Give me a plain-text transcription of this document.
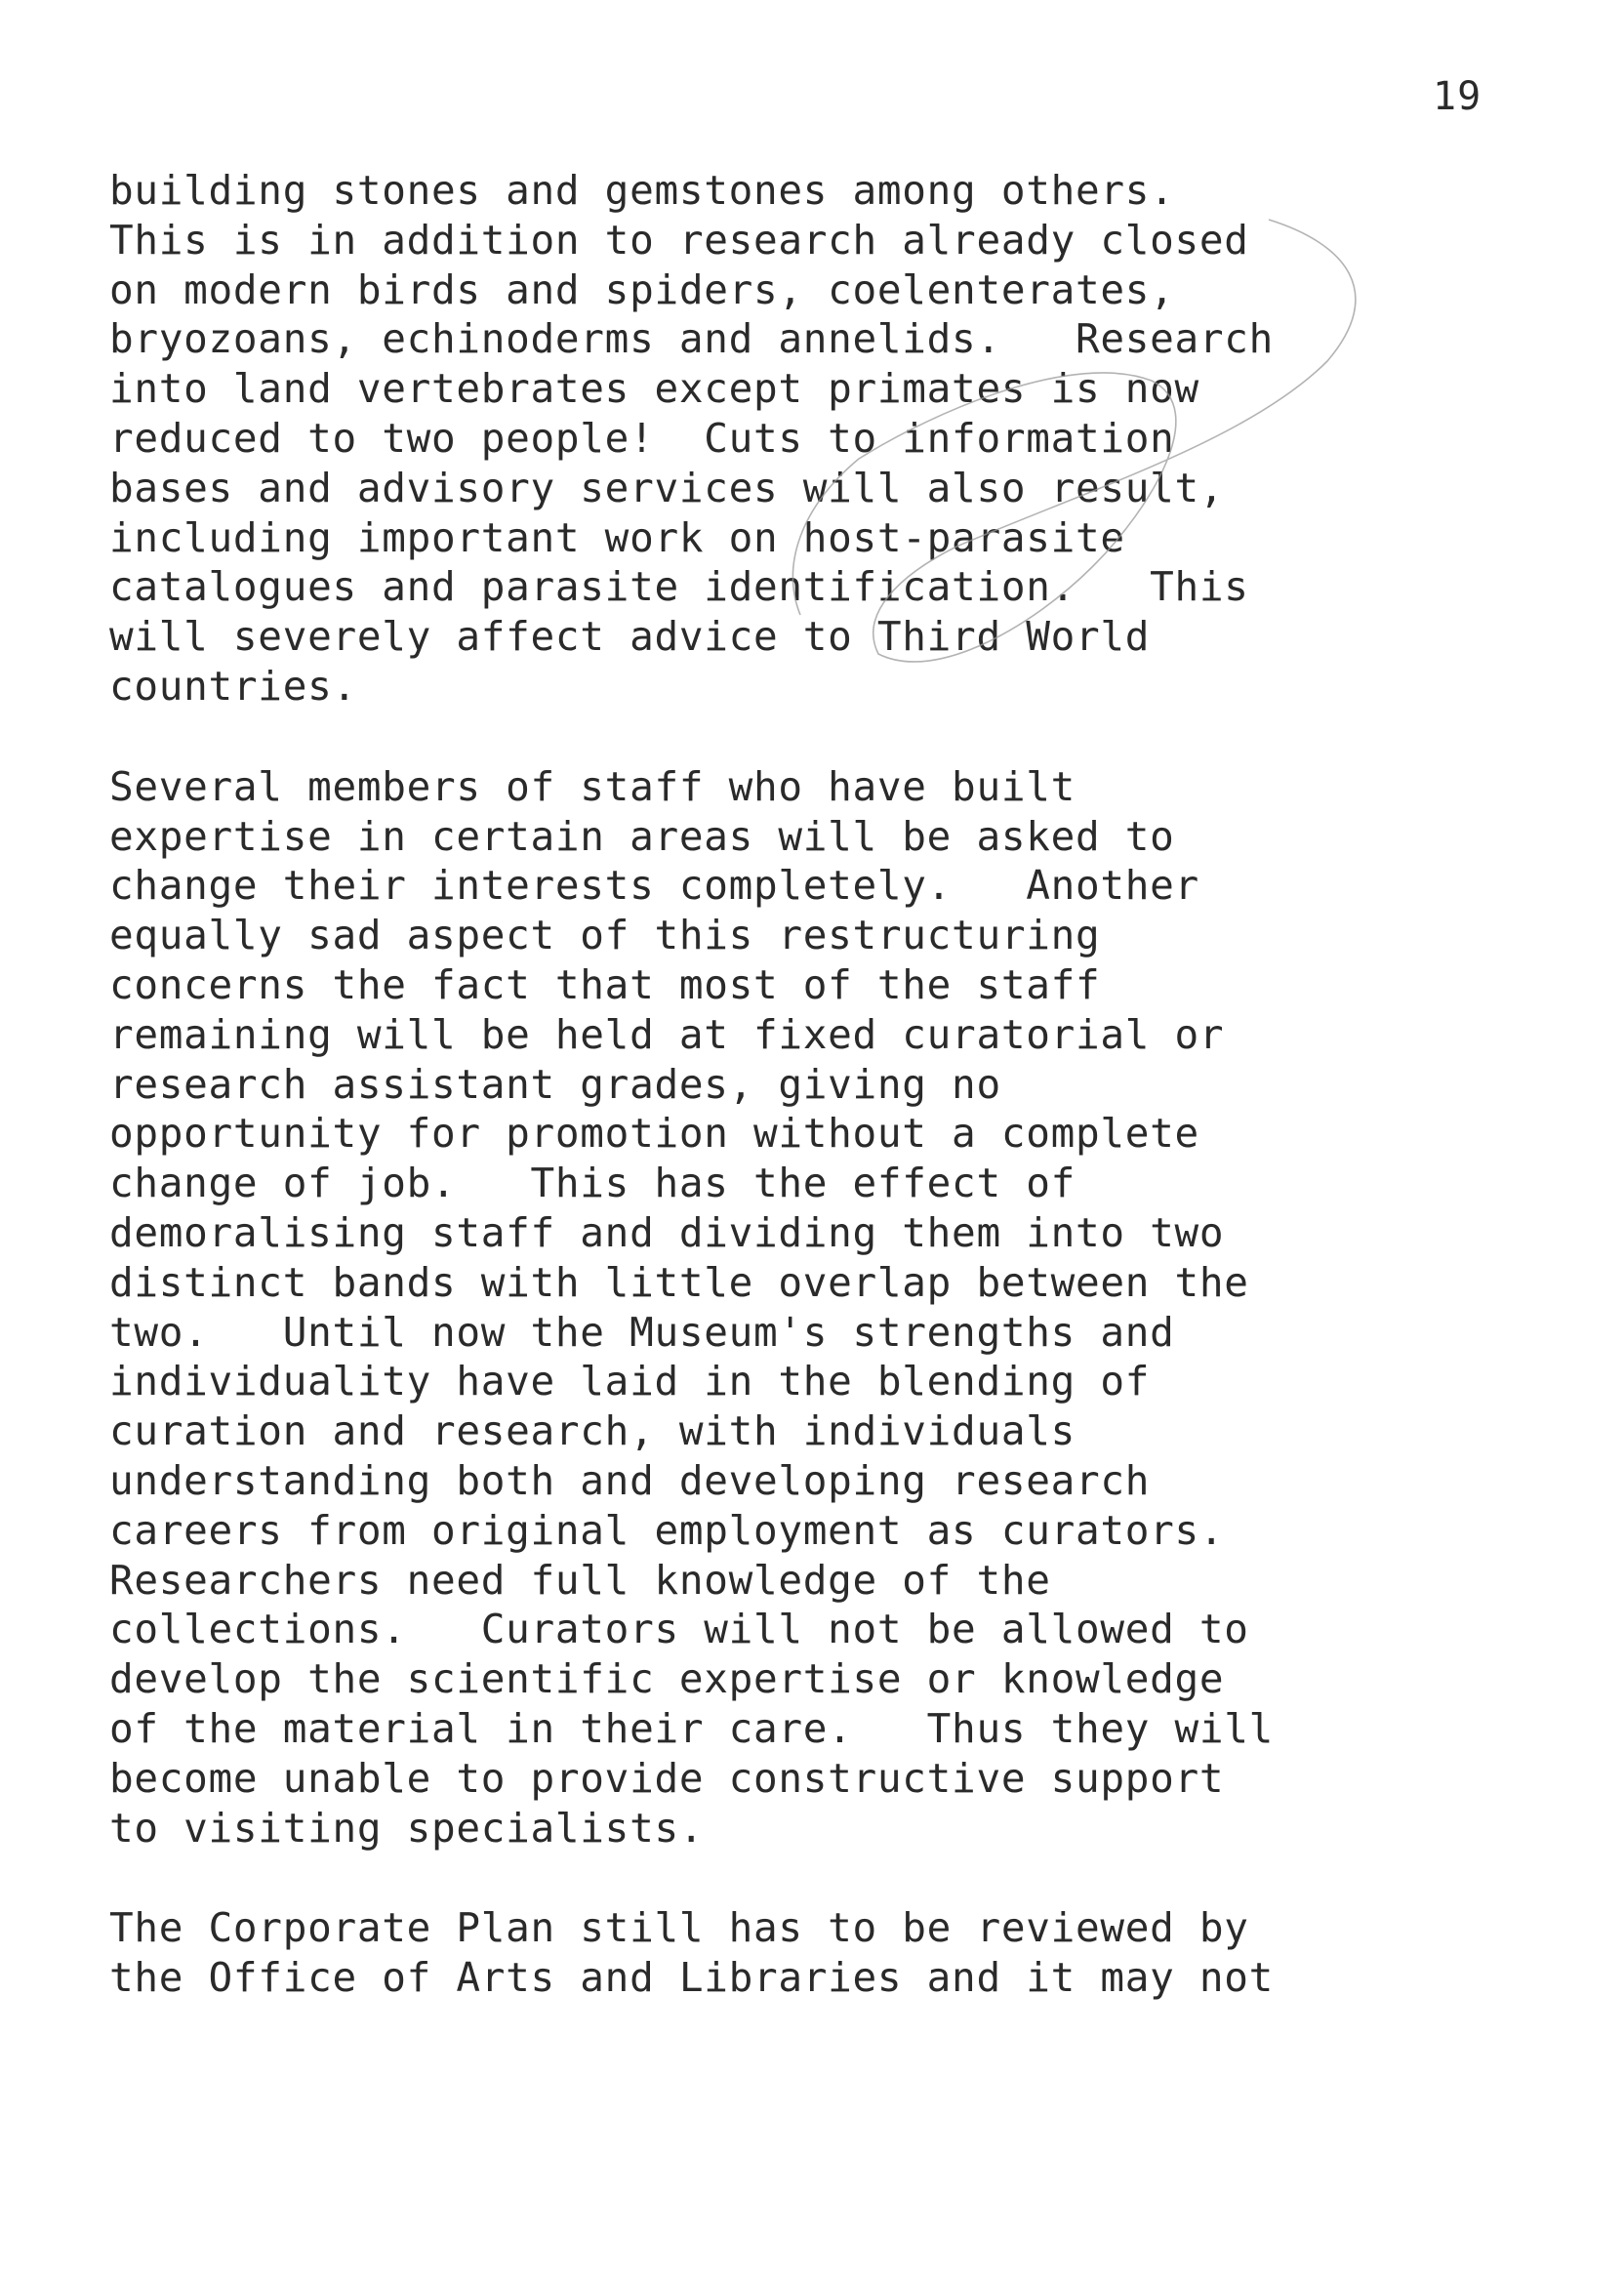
19
building stones and gemstones among others.
This is in addition to research already closed
on modern birds and spiders, coelenterates,
bryozoans, echinoderms and annelids.   Research
into land vertebrates except primates is now
reduced to two people!  Cuts to information
bases and advisory services will also result,
including important work on host-parasite
catalogues and parasite identification.   This
will severely affect advice to Third World
countries.
Several members of staff who have built
expertise in certain areas will be asked to
change their interests completely.   Another
equally sad aspect of this restructuring
concerns the fact that most of the staff
remaining will be held at fixed curatorial or
research assistant grades, giving no
opportunity for promotion without a complete
change of job.   This has the effect of
demoralising staff and dividing them into two
distinct bands with little overlap between the
two.   Until now the Museum's strengths and
individuality have laid in the blending of
curation and research, with individuals
understanding both and developing research
careers from original employment as curators.
Researchers need full knowledge of the
collections.   Curators will not be allowed to
develop the scientific expertise or knowledge
of the material in their care.   Thus they will
become unable to provide constructive support
to visiting specialists.
The Corporate Plan still has to be reviewed by
the Office of Arts and Libraries and it may not
